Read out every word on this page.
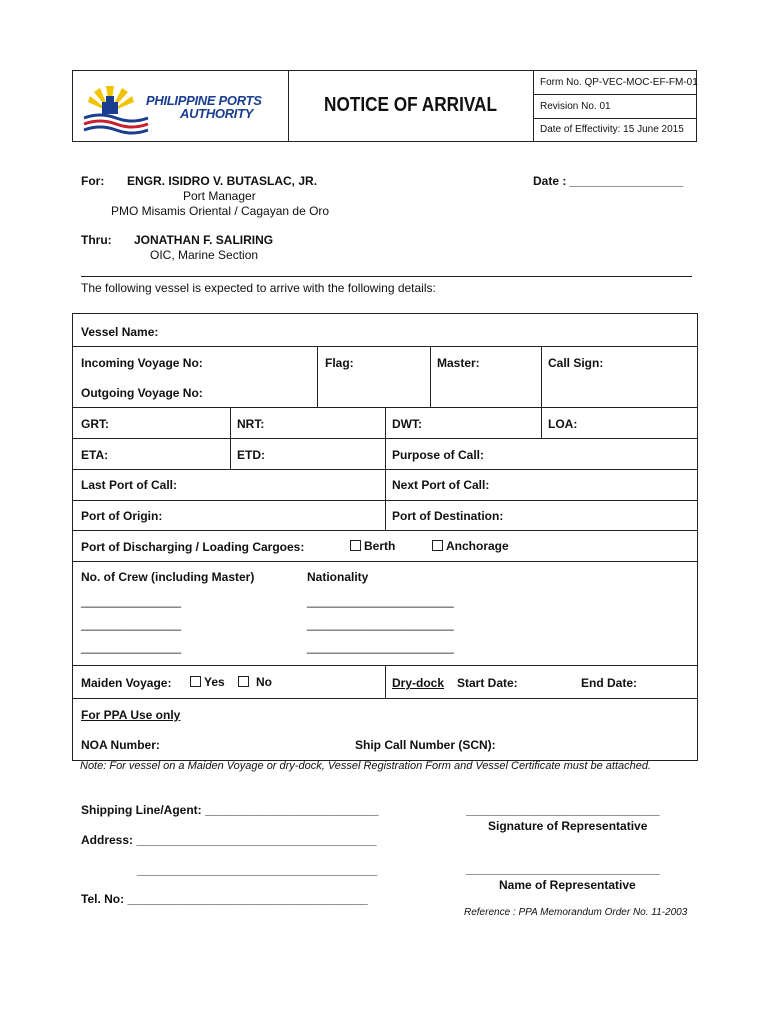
PHILIPPINE PORTS
AUTHORITY	NOTICE OF ARRIVAL
Form No. QP-VEC-MOC-EF-FM-01
Revision No. 01
Date of Effectivity: 15 June 2015
For: ENGR. ISIDRO V. BUTASLAC, JR.
Port Manager
PMO Misamis Oriental / Cagayan de Oro
Date : _________________
Thru: JONATHAN F. SALIRING
OIC, Marine Section
The following vessel is expected to arrive with the following details:
Vessel Name:
Incoming Voyage No:	Flag:	Master:	Call Sign:
Outgoing Voyage No:
GRT:	NRT:	DWT:	LOA:
ETA:	ETD:	Purpose of Call:
Last Port of Call:	Next Port of Call:
Port of Origin:	Port of Destination:
Port of Discharging / Loading Cargoes:	Berth	Anchorage
No. of Crew (including Master)	Nationality
_______________
_______________
_______________
______________________
______________________
______________________
Maiden Voyage:	Yes	No	Dry-dock Start Date:	End Date:
For PPA Use only
NOA Number:	Ship Call Number (SCN):
Note: For vessel on a Maiden Voyage or dry-dock, Vessel Registration Form and Vessel Certificate must be attached.
Shipping Line/Agent: __________________________
Address: ____________________________________
____________________________________
Tel. No: ____________________________________
_____________________________
Signature of Representative
_____________________________
Name of Representative
Reference : PPA Memorandum Order No. 11-2003
